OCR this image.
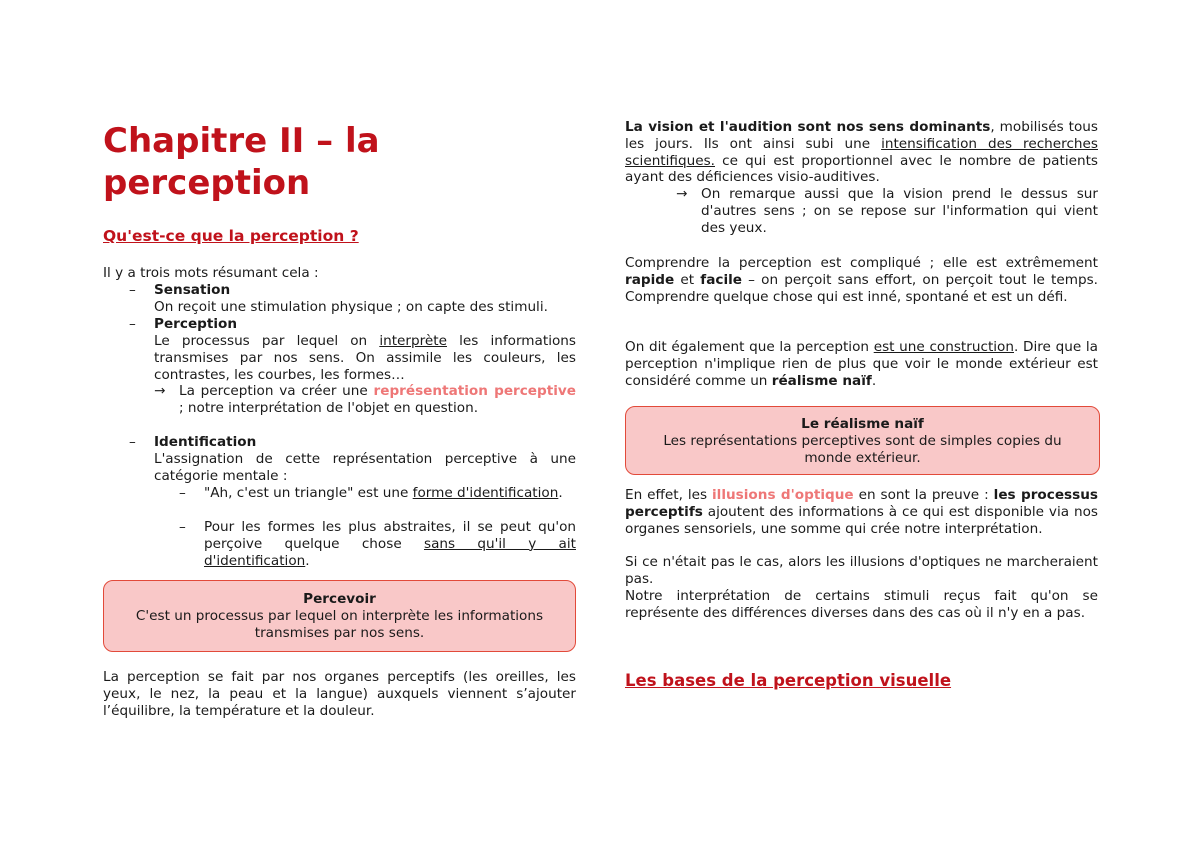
Chapitre II – la
perception
Qu'est-ce que la perception ?
Il y a trois mots résumant cela :
– Sensation
On reçoit une stimulation physique ; on capte des stimuli.
– Perception
Le processus par lequel on interprète les informations transmises par nos sens. On assimile les couleurs, les contrastes, les courbes, les formes…
→ La perception va créer une représentation perceptive ; notre interprétation de l'objet en question.
– Identification
L'assignation de cette représentation perceptive à une catégorie mentale :
– "Ah, c'est un triangle" est une forme d'identification.
– Pour les formes les plus abstraites, il se peut qu'on perçoive quelque chose sans qu'il y ait d'identification.
Percevoir
C'est un processus par lequel on interprète les informations transmises par nos sens.
La perception se fait par nos organes perceptifs (les oreilles, les yeux, le nez, la peau et la langue) auxquels viennent s’ajouter l’équilibre, la température et la douleur.
La vision et l'audition sont nos sens dominants, mobilisés tous les jours. Ils ont ainsi subi une intensification des recherches scientifiques. ce qui est proportionnel avec le nombre de patients ayant des déficiences visio-auditives.
→ On remarque aussi que la vision prend le dessus sur d'autres sens ; on se repose sur l'information qui vient des yeux.
Comprendre la perception est compliqué ; elle est extrêmement rapide et facile – on perçoit sans effort, on perçoit tout le temps. Comprendre quelque chose qui est inné, spontané et est un défi.
On dit également que la perception est une construction. Dire que la perception n'implique rien de plus que voir le monde extérieur est considéré comme un réalisme naïf.
Le réalisme naïf
Les représentations perceptives sont de simples copies du monde extérieur.
En effet, les illusions d'optique en sont la preuve : les processus perceptifs ajoutent des informations à ce qui est disponible via nos organes sensoriels, une somme qui crée notre interprétation.
Si ce n'était pas le cas, alors les illusions d'optiques ne marcheraient pas.
Notre interprétation de certains stimuli reçus fait qu'on se représente des différences diverses dans des cas où il n'y en a pas.
Les bases de la perception visuelle
